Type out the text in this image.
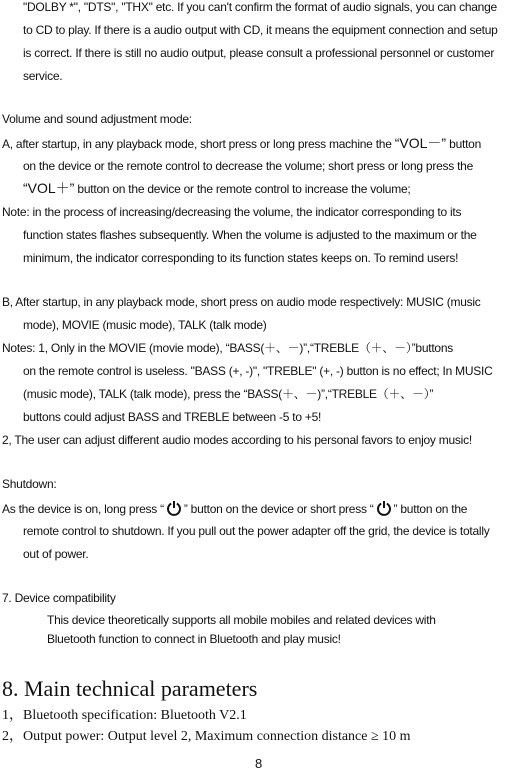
"DOLBY *", "DTS", "THX" etc. If you can't confirm the format of audio signals, you can change
to CD to play. If there is a audio output with CD, it means the equipment connection and setup
is correct. If there is still no audio output, please consult a professional personnel or customer
service.
Volume and sound adjustment mode:
A, after startup, in any playback mode, short press or long press machine the “VOL－” button
on the device or the remote control to decrease the volume; short press or long press the
“VOL＋” button on the device or the remote control to increase the volume;
Note: in the process of increasing/decreasing the volume, the indicator corresponding to its
function states flashes subsequently. When the volume is adjusted to the maximum or the
minimum, the indicator corresponding to its function states keeps on. To remind users!
B, After startup, in any playback mode, short press on audio mode respectively: MUSIC (music
mode), MOVIE (music mode), TALK (talk mode)
Notes: 1, Only in the MOVIE (movie mode), “BASS(＋、－)”,“TREBLE（＋、－）”buttons
on the remote control is useless. "BASS (+, -)", "TREBLE" (+, -) button is no effect; In MUSIC
(music mode), TALK (talk mode), press the “BASS(＋、－)”,“TREBLE（＋、－）”
buttons could adjust BASS and TREBLE between -5 to +5!
2, The user can adjust different audio modes according to his personal favors to enjoy music!
Shutdown:
As the device is on, long press “ ” button on the device or short press “ ” button on the
remote control to shutdown. If you pull out the power adapter off the grid, the device is totally
out of power.
7. Device compatibility
This device theoretically supports all mobile mobiles and related devices with
Bluetooth function to connect in Bluetooth and play music!
8. Main technical parameters
1，Bluetooth specification: Bluetooth V2.1
2，Output power: Output level 2, Maximum connection distance ≥ 10 m
8
